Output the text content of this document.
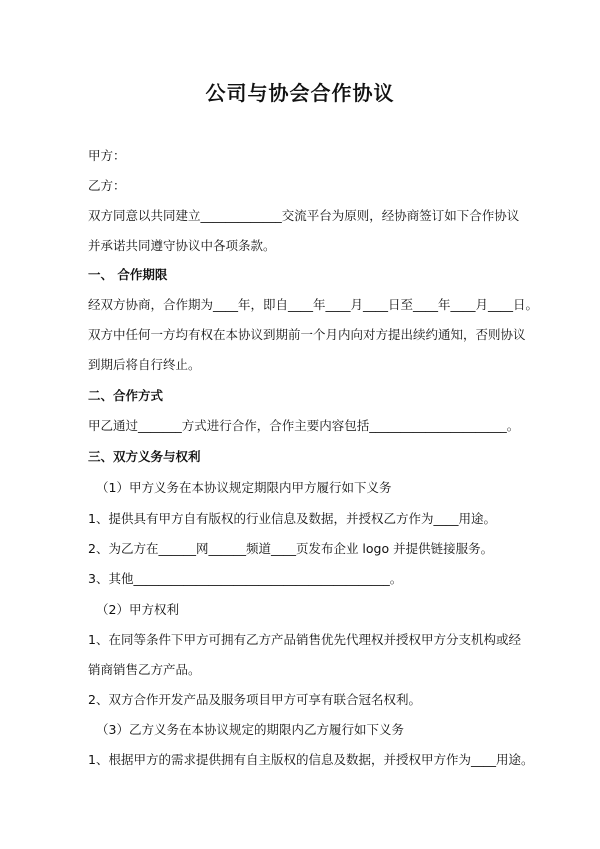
公司与协会合作协议
甲方：
乙方：
双方同意以共同建立_____________交流平台为原则，经协商签订如下合作协议
并承诺共同遵守协议中各项条款。
一、 合作期限
经双方协商，合作期为____年，即自____年____月____日至____年____月____日。
双方中任何一方均有权在本协议到期前一个月内向对方提出续约通知，否则协议
到期后将自行终止。
二、合作方式
甲乙通过_______方式进行合作，合作主要内容包括______________________。
三、双方义务与权利
（1）甲方义务在本协议规定期限内甲方履行如下义务
1、提供具有甲方自有版权的行业信息及数据，并授权乙方作为____用途。
2、为乙方在______网______频道____页发布企业 logo 并提供链接服务。
3、其他_________________________________________。
（2）甲方权利
1、在同等条件下甲方可拥有乙方产品销售优先代理权并授权甲方分支机构或经
销商销售乙方产品。
2、双方合作开发产品及服务项目甲方可享有联合冠名权利。
（3）乙方义务在本协议规定的期限内乙方履行如下义务
1、根据甲方的需求提供拥有自主版权的信息及数据，并授权甲方作为____用途。
